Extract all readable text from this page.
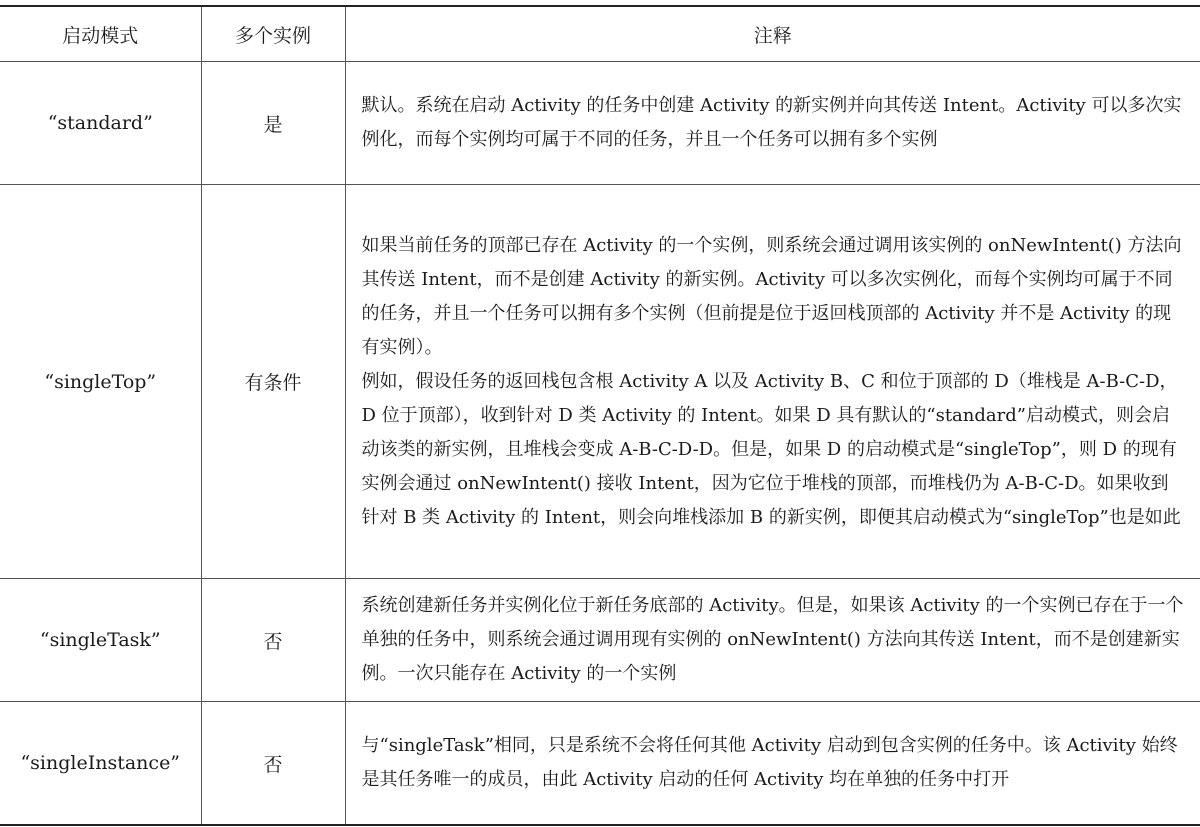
启动模式	多个实例	注释
“standard”	是	默认。系统在启动 Activity 的任务中创建 Activity 的新实例并向其传送 Intent。Activity 可以多次实例化，而每个实例均可属于不同的任务，并且一个任务可以拥有多个实例

“singleTop”	有条件	如果当前任务的顶部已存在 Activity 的一个实例，则系统会通过调用该实例的 onNewIntent() 方法向其传送 Intent，而不是创建 Activity 的新实例。Activity 可以多次实例化，而每个实例均可属于不同的任务，并且一个任务可以拥有多个实例（但前提是位于返回栈顶部的 Activity 并不是 Activity 的现有实例）。

例如，假设任务的返回栈包含根 Activity A 以及 Activity B、C 和位于顶部的 D（堆栈是 A-B-C-D，D 位于顶部），收到针对 D 类 Activity 的 Intent。如果 D 具有默认的“standard”启动模式，则会启动该类的新实例，且堆栈会变成 A-B-C-D-D。但是，如果 D 的启动模式是“singleTop”，则 D 的现有实例会通过 onNewIntent() 接收 Intent，因为它位于堆栈的顶部，而堆栈仍为 A-B-C-D。如果收到针对 B 类 Activity 的 Intent，则会向堆栈添加 B 的新实例，即便其启动模式为“singleTop”也是如此

“singleTask”	否	系统创建新任务并实例化位于新任务底部的 Activity。但是，如果该 Activity 的一个实例已存在于一个单独的任务中，则系统会通过调用现有实例的 onNewIntent() 方法向其传送 Intent，而不是创建新实例。一次只能存在 Activity 的一个实例

“singleInstance”	否	与“singleTask”相同，只是系统不会将任何其他 Activity 启动到包含实例的任务中。该 Activity 始终是其任务唯一的成员，由此 Activity 启动的任何 Activity 均在单独的任务中打开
